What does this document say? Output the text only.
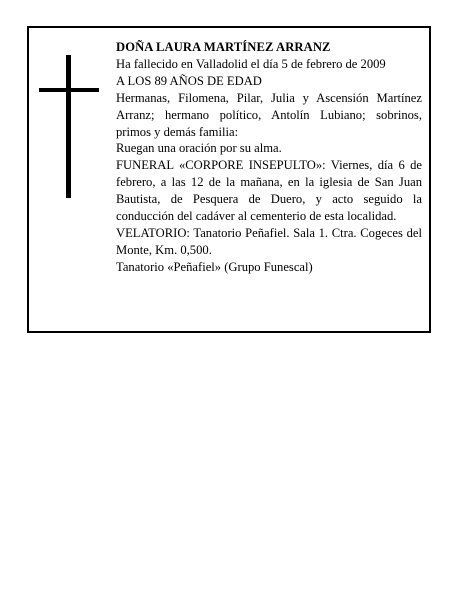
DOÑA LAURA MARTÍNEZ ARRANZ

Ha fallecido en Valladolid el día 5 de febrero de 2009

A LOS 89 AÑOS DE EDAD

Hermanas, Filomena, Pilar, Julia y Ascensión Martínez Arranz; hermano político, Antolín Lubiano; sobrinos, primos y demás familia:

Ruegan una oración por su alma.

FUNERAL «CORPORE INSEPULTO»: Viernes, día 6 de febrero, a las 12 de la mañana, en la iglesia de San Juan Bautista, de Pesquera de Duero, y acto seguido la conducción del cadáver al cementerio de esta localidad.

VELATORIO: Tanatorio Peñafiel. Sala 1. Ctra. Cogeces del Monte, Km. 0,500.

Tanatorio «Peñafiel» (Grupo Funescal)
